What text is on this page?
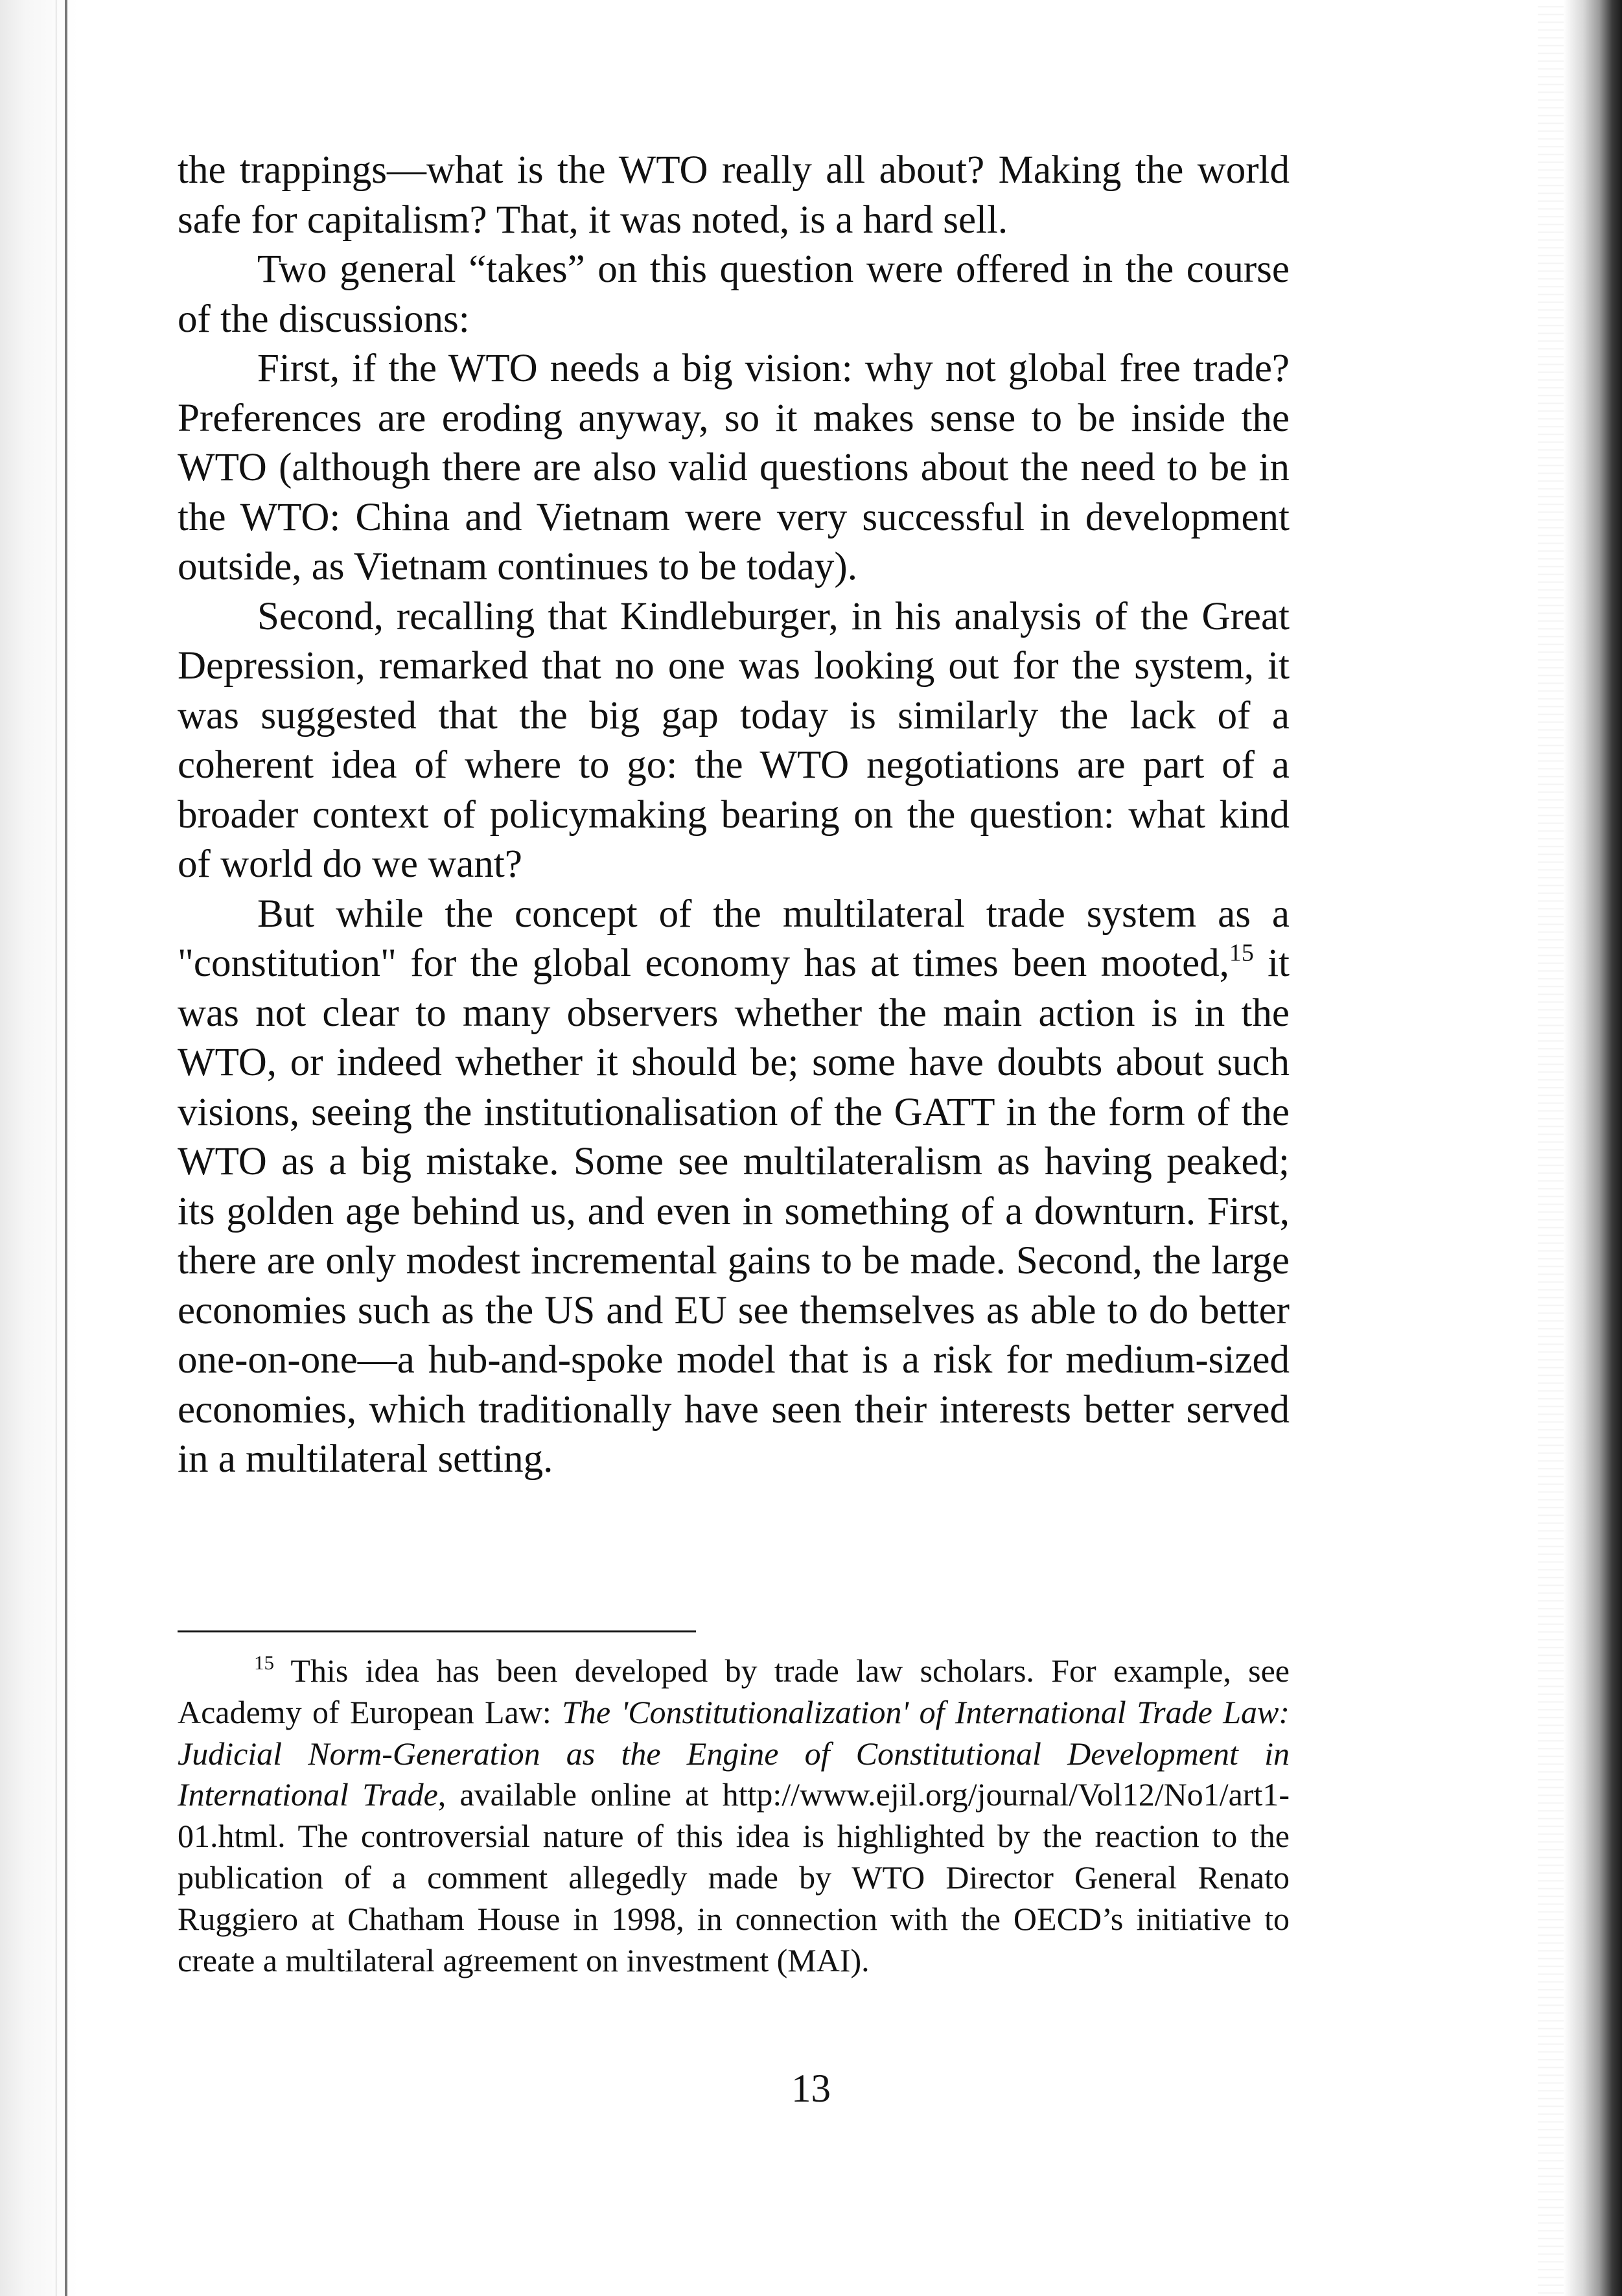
the trappings—what is the WTO really all about? Making the world safe for capitalism? That, it was noted, is a hard sell.

Two general “takes” on this question were offered in the course of the discussions:

First, if the WTO needs a big vision: why not global free trade? Preferences are eroding anyway, so it makes sense to be inside the WTO (although there are also valid questions about the need to be in the WTO: China and Vietnam were very successful in development outside, as Vietnam continues to be today).

Second, recalling that Kindleburger, in his analysis of the Great Depression, remarked that no one was looking out for the system, it was suggested that the big gap today is similarly the lack of a coherent idea of where to go: the WTO negotiations are part of a broader context of policymaking bearing on the question: what kind of world do we want?

But while the concept of the multilateral trade system as a "constitution" for the global economy has at times been mooted,$^{15}$ it was not clear to many observers whether the main action is in the WTO, or indeed whether it should be; some have doubts about such visions, seeing the institutionalisation of the GATT in the form of the WTO as a big mistake. Some see multilateralism as having peaked; its golden age behind us, and even in something of a downturn. First, there are only modest incremental gains to be made. Second, the large economies such as the US and EU see themselves as able to do better one-on-one—a hub-and-spoke model that is a risk for medium-sized economies, which traditionally have seen their interests better served in a multilateral setting.

$^{15}$ This idea has been developed by trade law scholars. For example, see Academy of European Law: The 'Constitutionalization' of International Trade Law: Judicial Norm-Generation as the Engine of Constitutional Development in International Trade, available online at http://www.ejil.org/journal/Vol12/No1/art1-01.html. The controversial nature of this idea is highlighted by the reaction to the publication of a comment allegedly made by WTO Director General Renato Ruggiero at Chatham House in 1998, in connection with the OECD’s initiative to create a multilateral agreement on investment (MAI).

13
